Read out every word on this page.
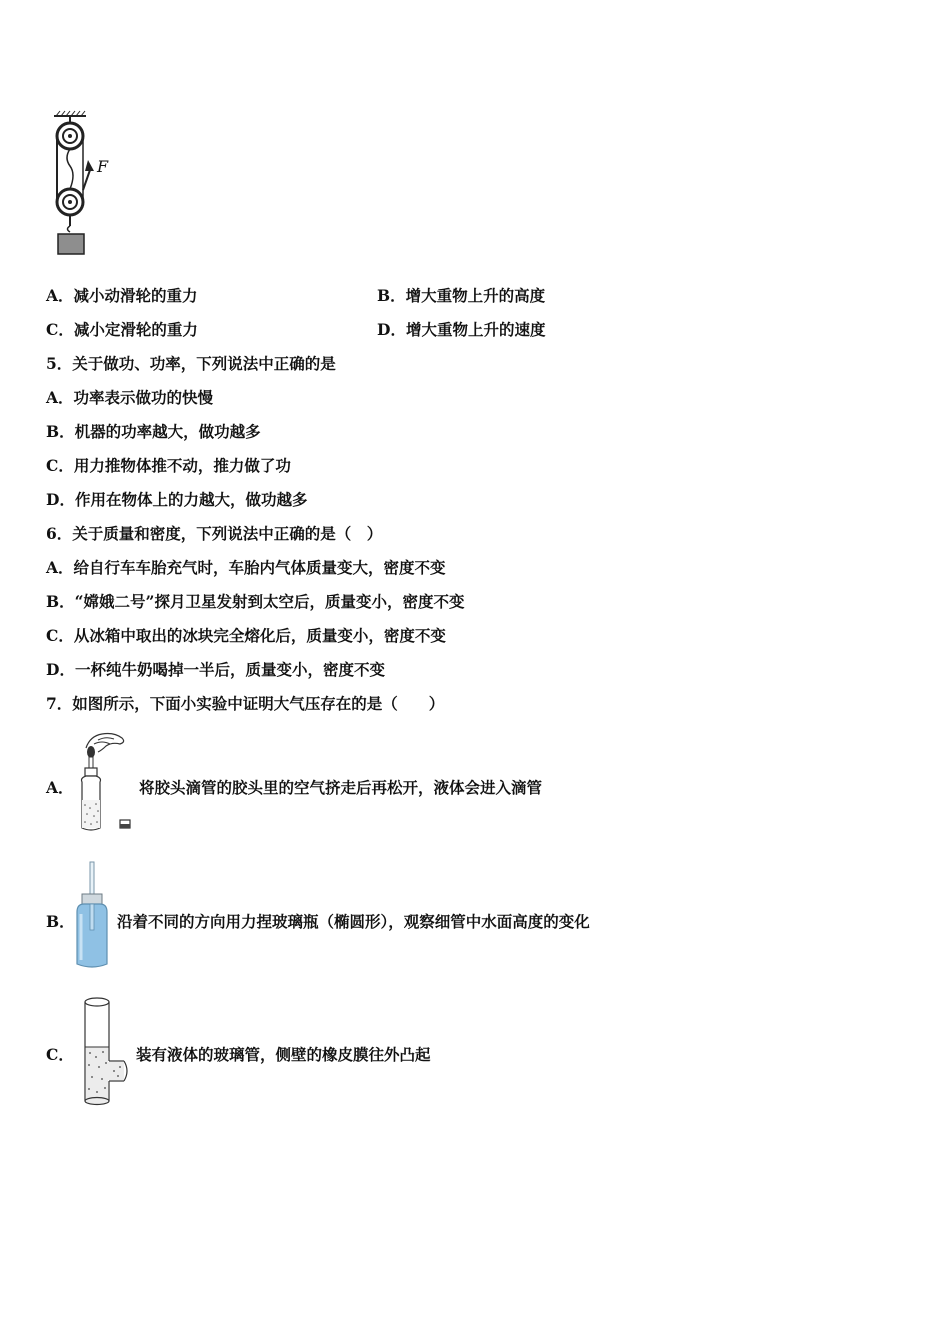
F
A．减小动滑轮的重力	B．增大重物上升的高度
C．减小定滑轮的重力	D．增大重物上升的速度
5．关于做功、功率，下列说法中正确的是
A．功率表示做功的快慢
B．机器的功率越大，做功越多
C．用力推物体推不动，推力做了功
D．作用在物体上的力越大，做功越多
6．关于质量和密度，下列说法中正确的是（　）
A．给自行车车胎充气时，车胎内气体质量变大，密度不变
B．“嫦娥二号”探月卫星发射到太空后，质量变小，密度不变
C．从冰箱中取出的冰块完全熔化后，质量变小，密度不变
D．一杯纯牛奶喝掉一半后，质量变小，密度不变
7．如图所示，下面小实验中证明大气压存在的是（　　）
A．	将胶头滴管的胶头里的空气挤走后再松开，液体会进入滴管
B．	沿着不同的方向用力捏玻璃瓶（椭圆形），观察细管中水面高度的变化
C．	装有液体的玻璃管，侧壁的橡皮膜往外凸起
